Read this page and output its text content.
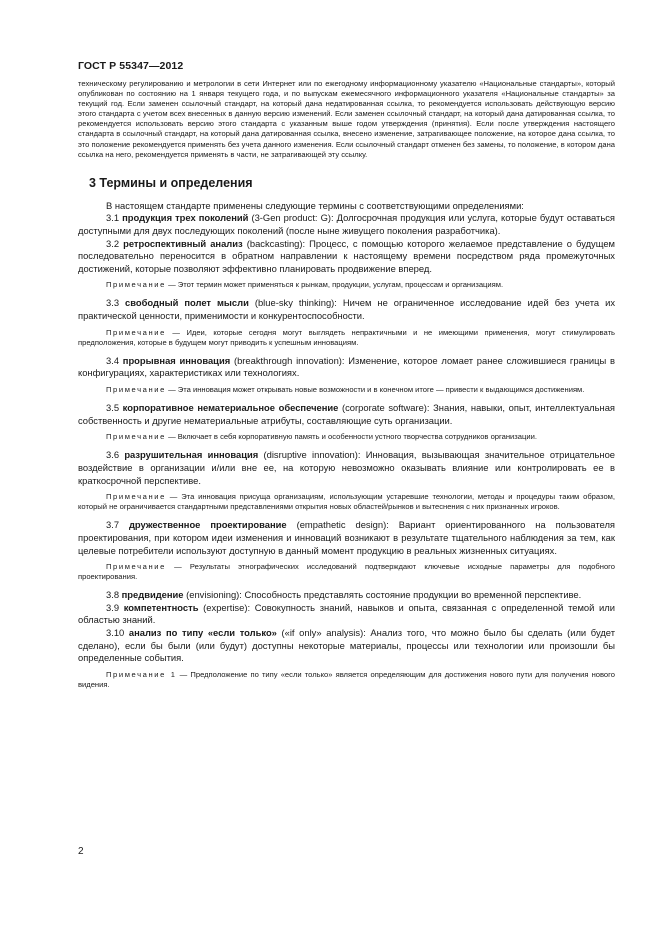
ГОСТ Р 55347—2012
техническому регулированию и метрологии в сети Интернет или по ежегодному информационному указателю «Национальные стандарты», который опубликован по состоянию на 1 января текущего года, и по выпускам ежемесячного информационного указателя «Национальные стандарты» за текущий год. Если заменен ссылочный стандарт, на который дана недатированная ссылка, то рекомендуется использовать действующую версию этого стандарта с учетом всех внесенных в данную версию изменений. Если заменен ссылочный стандарт, на который дана датированная ссылка, то рекомендуется использовать версию этого стандарта с указанным выше годом утверждения (принятия). Если после утверждения настоящего стандарта в ссылочный стандарт, на который дана датированная ссылка, внесено изменение, затрагивающее положение, на которое дана ссылка, то это положение рекомендуется применять без учета данного изменения. Если ссылочный стандарт отменен без замены, то положение, в котором дана ссылка на него, рекомендуется применять в части, не затрагивающей эту ссылку.
3 Термины и определения

В настоящем стандарте применены следующие термины с соответствующими определениями:

3.1 продукция трех поколений (3-Gen product: G): Долгосрочная продукция или услуга, которые будут оставаться доступными для двух последующих поколений (после ныне живущего поколения разработчика).

3.2 ретроспективный анализ (backcasting): Процесс, с помощью которого желаемое представление о будущем последовательно переносится в обратном направлении к настоящему времени посредством ряда промежуточных достижений, которые позволяют эффективно планировать продвижение вперед.

Примечание — Этот термин может применяться к рынкам, продукции, услугам, процессам и организациям.

3.3 свободный полет мысли (blue-sky thinking): Ничем не ограниченное исследование идей без учета их практической ценности, применимости и конкурентоспособности.

Примечание — Идеи, которые сегодня могут выглядеть непрактичными и не имеющими применения, могут стимулировать предположения, которые в будущем могут приводить к успешным инновациям.

3.4 прорывная инновация (breakthrough innovation): Изменение, которое ломает ранее сложившиеся границы в конфигурациях, характеристиках или технологиях.

Примечание — Эта инновация может открывать новые возможности и в конечном итоге — привести к выдающимся достижениям.

3.5 корпоративное нематериальное обеспечение (corporate software): Знания, навыки, опыт, интеллектуальная собственность и другие нематериальные атрибуты, составляющие суть организации.

Примечание — Включает в себя корпоративную память и особенности устного творчества сотрудников организации.

3.6 разрушительная инновация (disruptive innovation): Инновация, вызывающая значительное отрицательное воздействие в организации и/или вне ее, на которую невозможно оказывать влияние или контролировать ее в краткосрочной перспективе.

Примечание — Эта инновация присуща организациям, использующим устаревшие технологии, методы и процедуры таким образом, который не ограничивается стандартными представлениями открытия новых областей/рынков и вытеснения с них признанных игроков.

3.7 дружественное проектирование (empathetic design): Вариант ориентированного на пользователя проектирования, при котором идеи изменения и инноваций возникают в результате тщательного наблюдения за тем, как целевые потребители используют доступную в данный момент продукцию в реальных жизненных ситуациях.

Примечание — Результаты этнографических исследований подтверждают ключевые исходные параметры для подобного проектирования.

3.8 предвидение (envisioning): Способность представлять состояние продукции во временной перспективе.

3.9 компетентность (expertise): Совокупность знаний, навыков и опыта, связанная с определенной темой или областью знаний.

3.10 анализ по типу «если только» («if only» analysis): Анализ того, что можно было бы сделать (или будет сделано), если бы были (или будут) доступны некоторые материалы, процессы или технологии или произошли бы определенные события.

Примечание 1 — Предположение по типу «если только» является определяющим для достижения нового пути для получения нового видения.

2
